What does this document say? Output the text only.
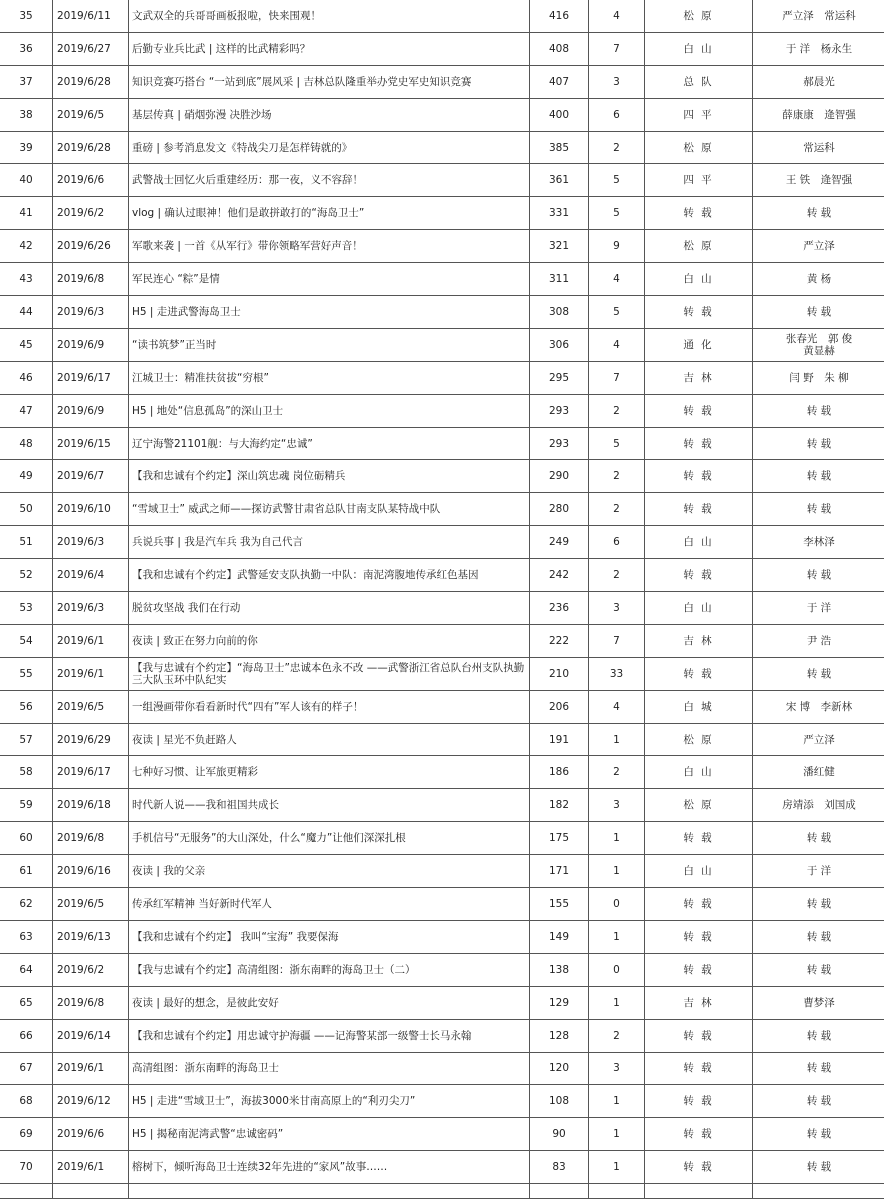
35	2019/6/11	文武双全的兵哥哥画板报啦，快来围观！	416	4	松 原	严立泽　常运科
36	2019/6/27	后勤专业兵比武 | 这样的比武精彩吗？	408	7	白 山	于 洋　杨永生
37	2019/6/28	知识竞赛巧搭台 “一站到底”展风采 | 吉林总队隆重举办党史军史知识竞赛	407	3	总 队	郝晨光
38	2019/6/5	基层传真 | 硝烟弥漫 决胜沙场	400	6	四 平	薛康康　逄智强
39	2019/6/28	重磅 | 参考消息发文《特战尖刀是怎样铸就的》	385	2	松 原	常运科
40	2019/6/6	武警战士回忆火后重建经历：那一夜，义不容辞！	361	5	四 平	王 铁　逄智强
41	2019/6/2	vlog | 确认过眼神！他们是敢拼敢打的“海岛卫士”	331	5	转 载	转 载
42	2019/6/26	军歌来袭 | 一首《从军行》带你领略军营好声音！	321	9	松 原	严立泽
43	2019/6/8	军民连心 “粽”是情	311	4	白 山	黄 杨
44	2019/6/3	H5 | 走进武警海岛卫士	308	5	转 载	转 载
45	2019/6/9	“读书筑梦”正当时	306	4	通 化	张春光　郭 俊
黄显赫
46	2019/6/17	江城卫士：精准扶贫拔“穷根”	295	7	吉 林	闫 野　朱 柳
47	2019/6/9	H5 | 地处“信息孤岛”的深山卫士	293	2	转 载	转 载
48	2019/6/15	辽宁海警21101舰：与大海约定“忠诚”	293	5	转 载	转 载
49	2019/6/7	【我和忠诚有个约定】深山筑忠魂 岗位砺精兵	290	2	转 载	转 载
50	2019/6/10	“雪域卫士” 威武之师——探访武警甘肃省总队甘南支队某特战中队	280	2	转 载	转 载
51	2019/6/3	兵说兵事 | 我是汽车兵 我为自己代言	249	6	白 山	李林泽
52	2019/6/4	【我和忠诚有个约定】武警延安支队执勤一中队：南泥湾腹地传承红色基因	242	2	转 载	转 载
53	2019/6/3	脱贫攻坚战 我们在行动	236	3	白 山	于 洋
54	2019/6/1	夜读 | 致正在努力向前的你	222	7	吉 林	尹 浩
55	2019/6/1	【我与忠诚有个约定】“海岛卫士”忠诚本色永不改 ——武警浙江省总队台州支队执勤三大队玉环中队纪实	210	33	转 载	转 载
56	2019/6/5	一组漫画带你看看新时代“四有”军人该有的样子！	206	4	白 城	宋 博　李新林
57	2019/6/29	夜读 | 星光不负赶路人	191	1	松 原	严立泽
58	2019/6/17	七种好习惯、让军旅更精彩	186	2	白 山	潘红健
59	2019/6/18	时代新人说——我和祖国共成长	182	3	松 原	房靖添　刘国成
60	2019/6/8	手机信号“无服务”的大山深处，什么“魔力”让他们深深扎根	175	1	转 载	转 载
61	2019/6/16	夜读 | 我的父亲	171	1	白 山	于 洋
62	2019/6/5	传承红军精神 当好新时代军人	155	0	转 载	转 载
63	2019/6/13	【我和忠诚有个约定】 我叫“宝海” 我要保海	149	1	转 载	转 载
64	2019/6/2	【我与忠诚有个约定】高清组图：浙东南畔的海岛卫士（二）	138	0	转 载	转 载
65	2019/6/8	夜读 | 最好的想念，是彼此安好	129	1	吉 林	曹梦泽
66	2019/6/14	【我和忠诚有个约定】用忠诚守护海疆 ——记海警某部一级警士长马永翰	128	2	转 载	转 载
67	2019/6/1	高清组图：浙东南畔的海岛卫士	120	3	转 载	转 载
68	2019/6/12	H5 | 走进“雪域卫士”，海拔3000米甘南高原上的“利刃尖刀”	108	1	转 载	转 载
69	2019/6/6	H5 | 揭秘南泥湾武警“忠诚密码”	90	1	转 载	转 载
70	2019/6/1	榕树下，倾听海岛卫士连续32年先进的“家风”故事……	83	1	转 载	转 载
